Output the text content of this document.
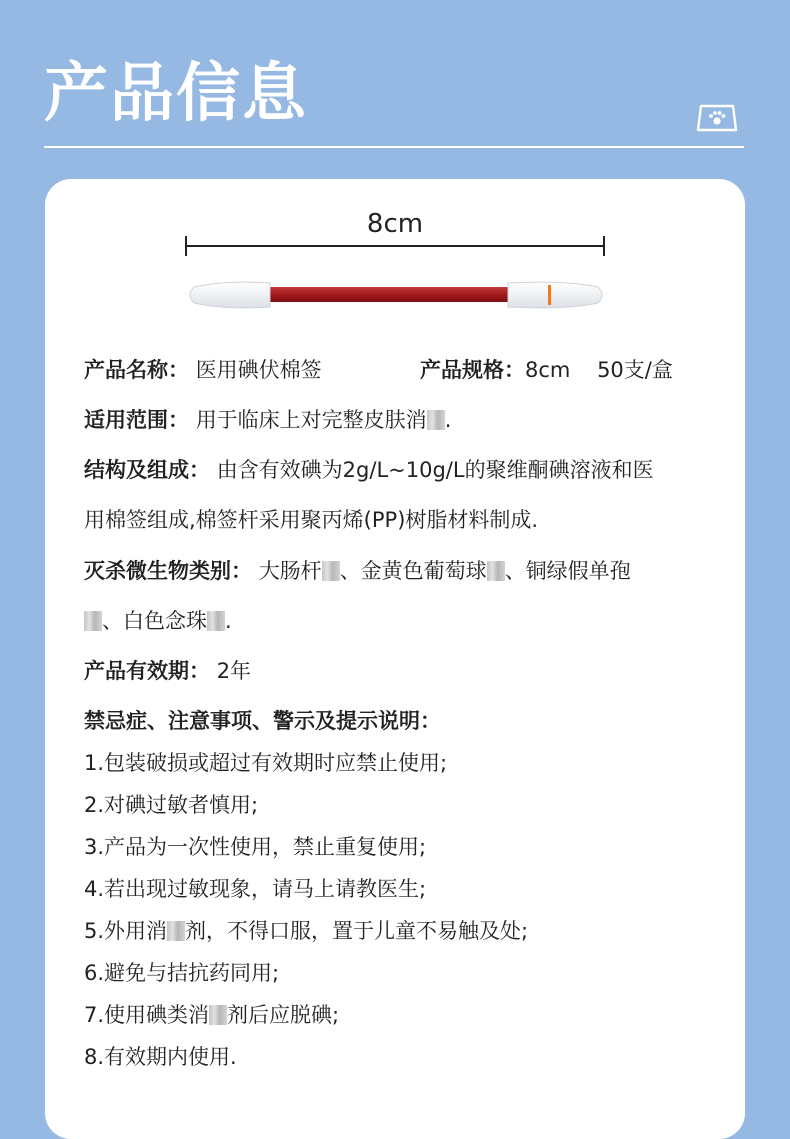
产品信息
8cm
产品名称： 医用碘伏棉签	产品规格：8cm    50支/盒
适用范围： 用于临床上对完整皮肤消 .
结构及组成： 由含有效碘为2g/L~10g/L的聚维酮碘溶液和医
用棉签组成,棉签杆采用聚丙烯(PP)树脂材料制成.
灭杀微生物类别： 大肠杆 、金黄色葡萄球 、铜绿假单孢
、白色念珠 .
产品有效期： 2年
禁忌症、注意事项、警示及提示说明：
1.包装破损或超过有效期时应禁止使用;
2.对碘过敏者慎用;
3.产品为一次性使用，禁止重复使用;
4.若出现过敏现象，请马上请教医生;
5.外用消 剂，不得口服，置于儿童不易触及处;
6.避免与拮抗药同用;
7.使用碘类消 剂后应脱碘;
8.有效期内使用.
